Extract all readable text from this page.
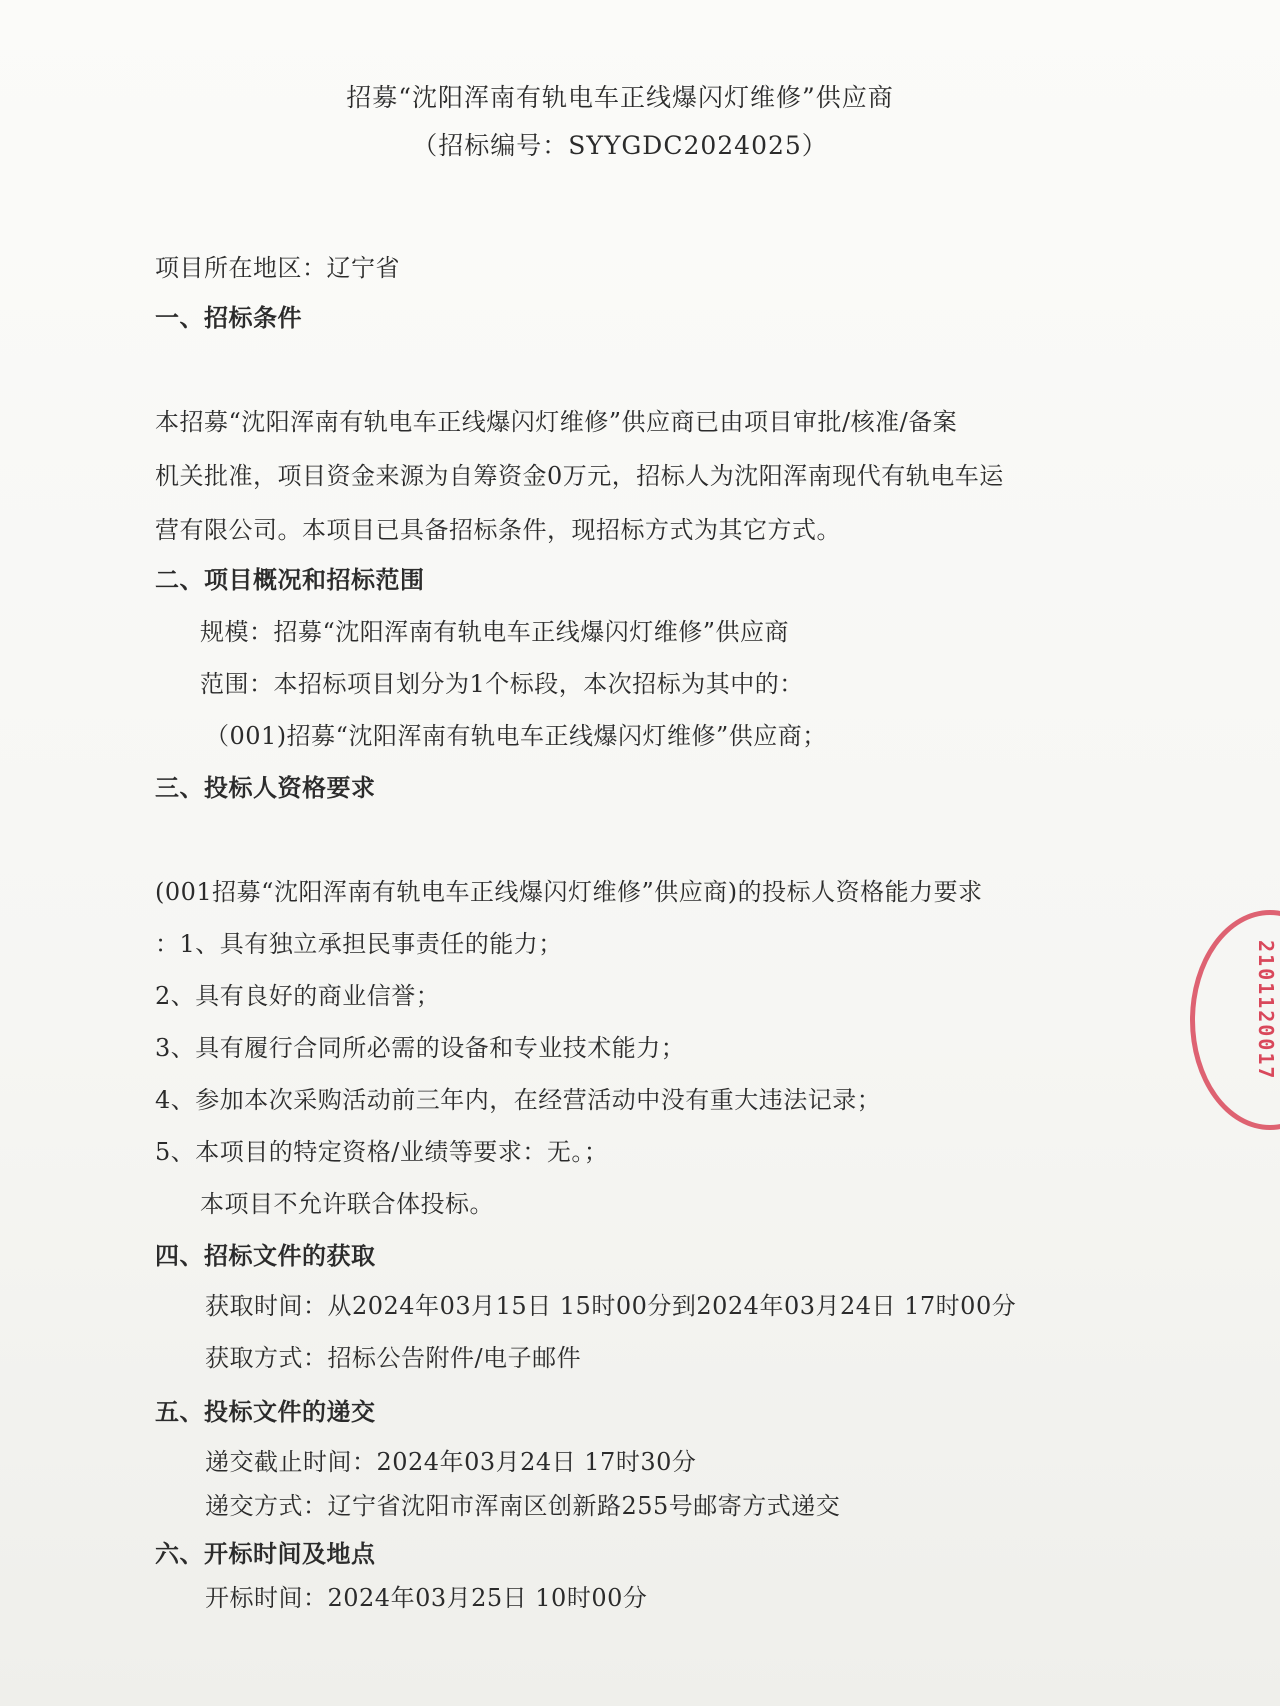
招募“沈阳浑南有轨电车正线爆闪灯维修”供应商
（招标编号：SYYGDC2024025）
项目所在地区：辽宁省
一、招标条件
本招募“沈阳浑南有轨电车正线爆闪灯维修”供应商已由项目审批/核准/备案
机关批准，项目资金来源为自筹资金0万元，招标人为沈阳浑南现代有轨电车运
营有限公司。本项目已具备招标条件，现招标方式为其它方式。
二、项目概况和招标范围
规模：招募“沈阳浑南有轨电车正线爆闪灯维修”供应商
范围：本招标项目划分为1个标段，本次招标为其中的：
（001)招募“沈阳浑南有轨电车正线爆闪灯维修”供应商；
三、投标人资格要求
(001招募“沈阳浑南有轨电车正线爆闪灯维修”供应商)的投标人资格能力要求
：1、具有独立承担民事责任的能力；
2、具有良好的商业信誉；
3、具有履行合同所必需的设备和专业技术能力；
4、参加本次采购活动前三年内，在经营活动中没有重大违法记录；
5、本项目的特定资格/业绩等要求：无。；
本项目不允许联合体投标。
四、招标文件的获取
获取时间：从2024年03月15日 15时00分到2024年03月24日 17时00分
获取方式：招标公告附件/电子邮件
五、投标文件的递交
递交截止时间：2024年03月24日 17时30分
递交方式：辽宁省沈阳市浑南区创新路255号邮寄方式递交
六、开标时间及地点
开标时间：2024年03月25日 10时00分
2101120017
